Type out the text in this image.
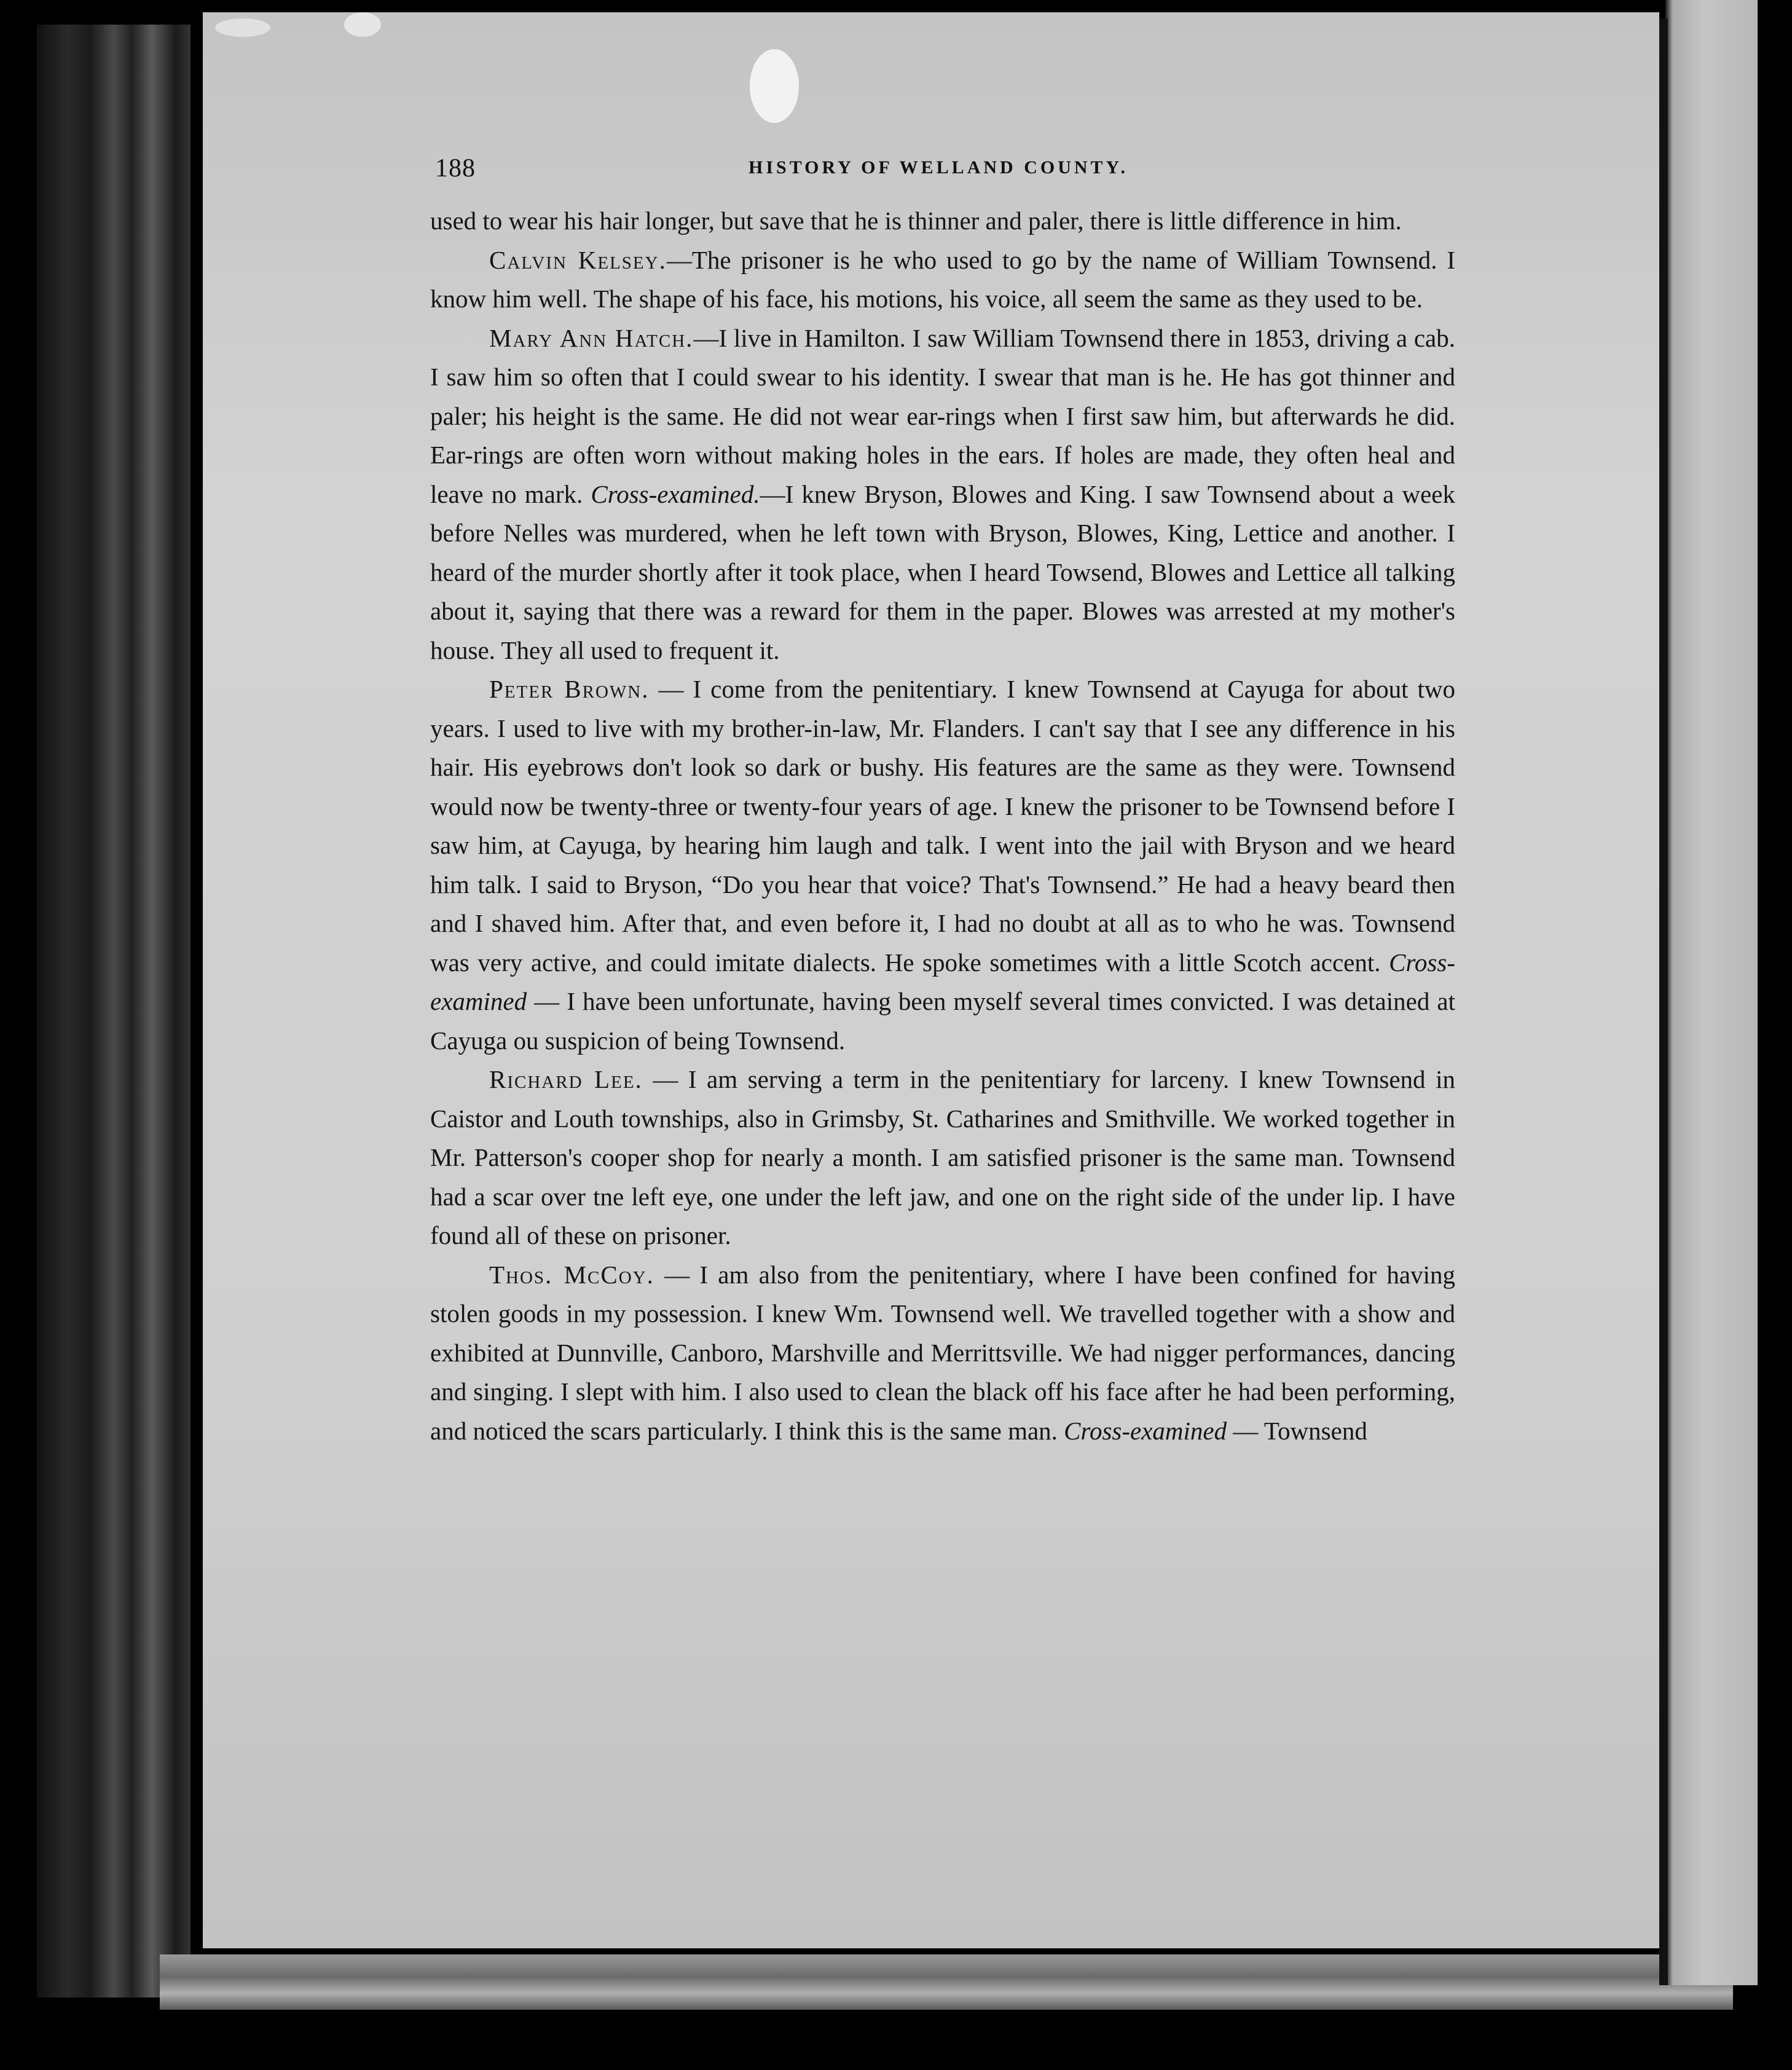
188	HISTORY OF WELLAND COUNTY.

used to wear his hair longer, but save that he is thinner and paler, there is little difference in him.

Calvin Kelsey.—The prisoner is he who used to go by the name of William Townsend. I know him well. The shape of his face, his motions, his voice, all seem the same as they used to be.

Mary Ann Hatch.—I live in Hamilton. I saw William Townsend there in 1853, driving a cab. I saw him so often that I could swear to his identity. I swear that man is he. He has got thinner and paler; his height is the same. He did not wear ear-rings when I first saw him, but afterwards he did. Ear-rings are often worn without making holes in the ears. If holes are made, they often heal and leave no mark. Cross-examined.—I knew Bryson, Blowes and King. I saw Townsend about a week before Nelles was murdered, when he left town with Bryson, Blowes, King, Lettice and another. I heard of the murder shortly after it took place, when I heard Towsend, Blowes and Lettice all talking about it, saying that there was a reward for them in the paper. Blowes was arrested at my mother's house. They all used to frequent it.

Peter Brown. — I come from the penitentiary. I knew Townsend at Cayuga for about two years. I used to live with my brother-in-law, Mr. Flanders. I can't say that I see any difference in his hair. His eyebrows don't look so dark or bushy. His features are the same as they were. Townsend would now be twenty-three or twenty-four years of age. I knew the prisoner to be Townsend before I saw him, at Cayuga, by hearing him laugh and talk. I went into the jail with Bryson and we heard him talk. I said to Bryson, “Do you hear that voice? That's Townsend.” He had a heavy beard then and I shaved him. After that, and even before it, I had no doubt at all as to who he was. Townsend was very active, and could imitate dialects. He spoke sometimes with a little Scotch accent. Cross-examined — I have been unfortunate, having been myself several times convicted. I was detained at Cayuga ou suspicion of being Townsend.

Richard Lee. — I am serving a term in the penitentiary for larceny. I knew Townsend in Caistor and Louth townships, also in Grimsby, St. Catharines and Smithville. We worked together in Mr. Patterson's cooper shop for nearly a month. I am satisfied prisoner is the same man. Townsend had a scar over tne left eye, one under the left jaw, and one on the right side of the under lip. I have found all of these on prisoner.

Thos. McCoy. — I am also from the penitentiary, where I have been confined for having stolen goods in my possession. I knew Wm. Townsend well. We travelled together with a show and exhibited at Dunnville, Canboro, Marshville and Merrittsville. We had nigger performances, dancing and singing. I slept with him. I also used to clean the black off his face after he had been performing, and noticed the scars particularly. I think this is the same man. Cross-examined — Townsend
